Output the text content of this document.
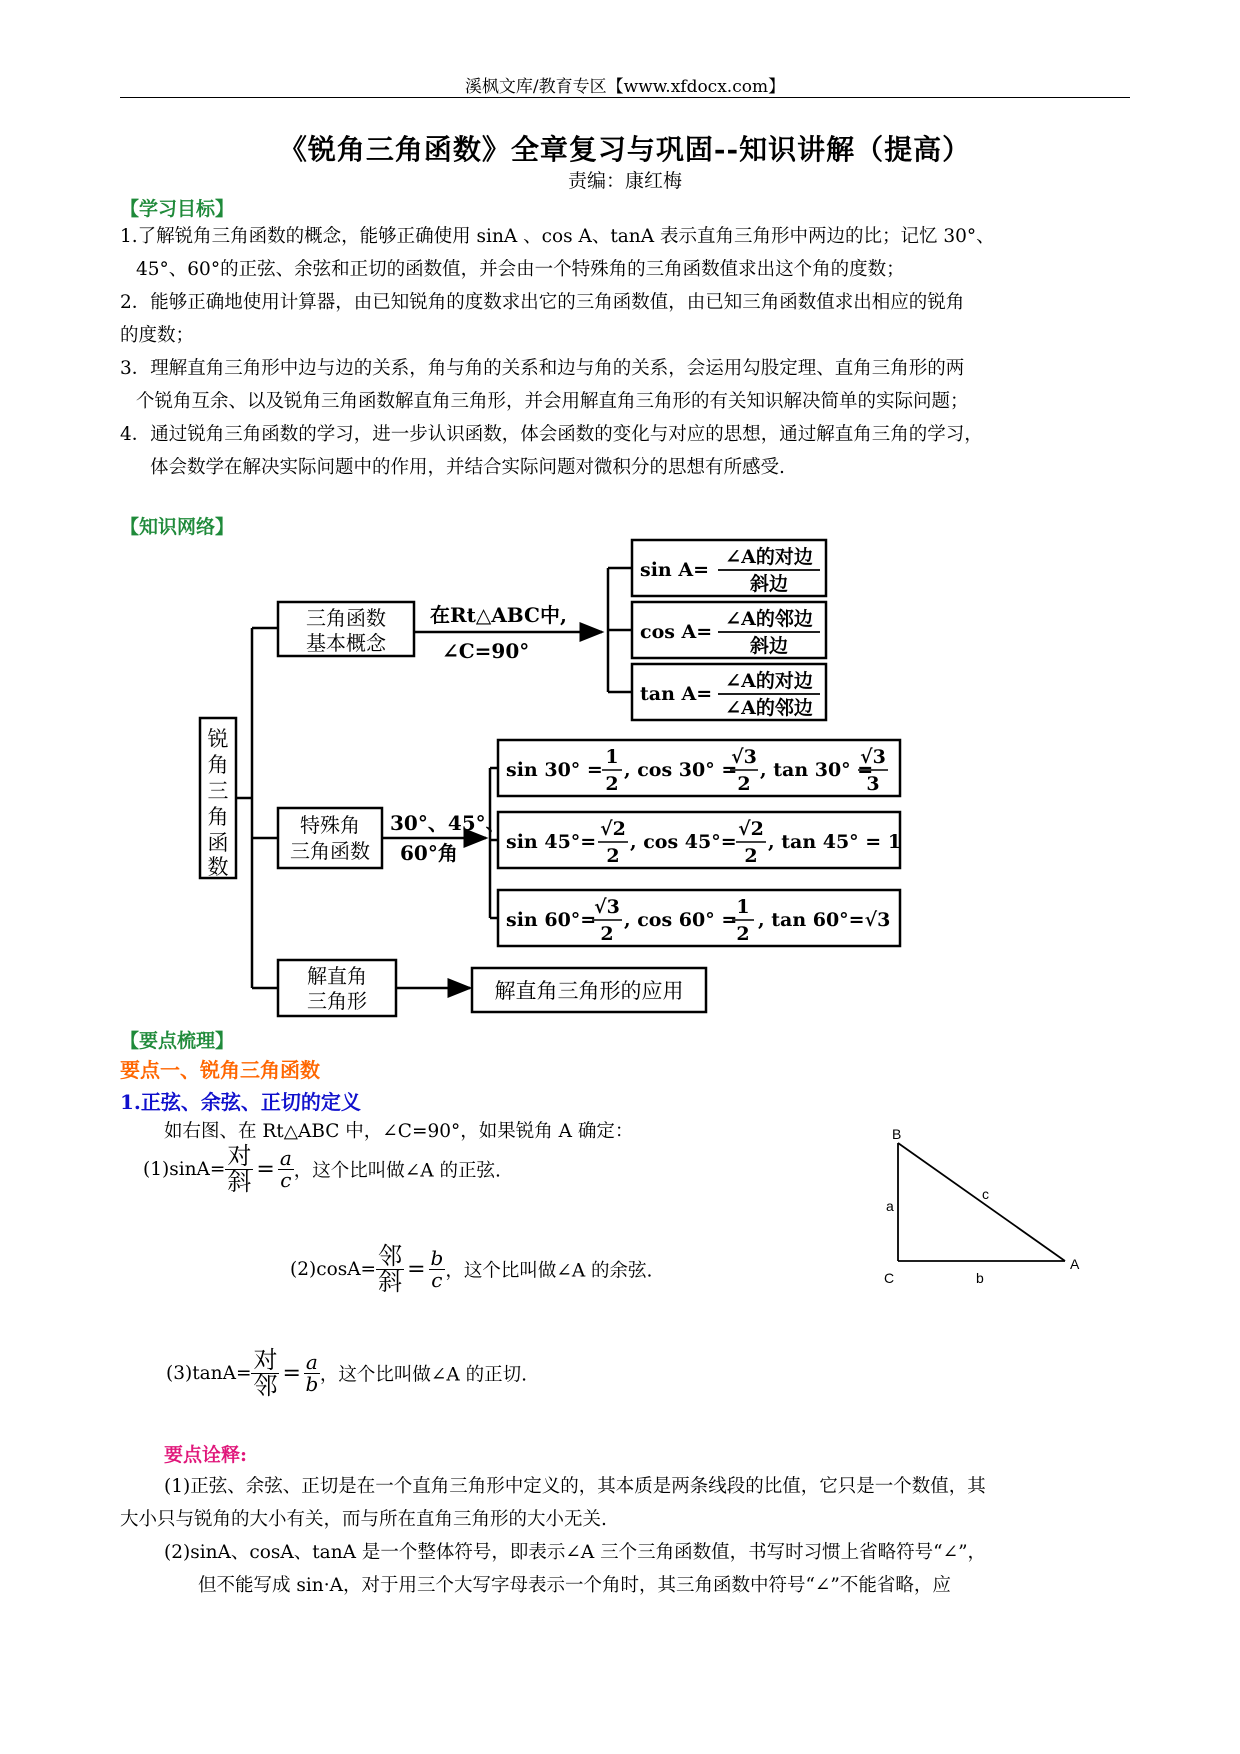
溪枫文库/教育专区【www.xfdocx.com】
《锐角三角函数》全章复习与巩固--知识讲解（提高）
责编：康红梅
【学习目标】
1.了解锐角三角函数的概念，能够正确使用 sinA 、cos A、tanA 表示直角三角形中两边的比；记忆 30°、
45°、60°的正弦、余弦和正切的函数值，并会由一个特殊角的三角函数值求出这个角的度数；
2．能够正确地使用计算器，由已知锐角的度数求出它的三角函数值，由已知三角函数值求出相应的锐角
的度数；
3．理解直角三角形中边与边的关系，角与角的关系和边与角的关系，会运用勾股定理、直角三角形的两
个锐角互余、以及锐角三角函数解直角三角形，并会用解直角三角形的有关知识解决简单的实际问题；
4．通过锐角三角函数的学习，进一步认识函数，体会函数的变化与对应的思想，通过解直角三角的学习，
体会数学在解决实际问题中的作用，并结合实际问题对微积分的思想有所感受.
【知识网络】
锐
角
三
角
函
数
三角函数
基本概念
特殊角
三角函数
解直角
三角形	解直角三角形的应用
在Rt△ABC中,
∠C=90°
30°、45°、
60°角
sin A=
∠A的对边
斜边
cos A=
∠A的邻边
斜边
tan A=
∠A的对边
∠A的邻边
sin 30° =
1
2
, cos 30° =
√3
2
, tan 30° =
√3
3
sin 45°=
√2
2
, cos 45°=
√2
2
, tan 45° = 1
sin 60°=
√3
2
, cos 60° =
1
2
, tan 60°=√3
【要点梳理】
要点一、锐角三角函数
1.正弦、余弦、正切的定义
如右图、在 Rt△ABC 中，∠C=90°，如果锐角 A 确定：
$(1)\sin A= \frac{\text{对}}{\text{斜}} = \frac{a}{c}$ ，这个比叫做∠A 的正弦.
$(2)\cos A= \frac{\text{邻}}{\text{斜}} = \frac{b}{c}$ ，这个比叫做∠A 的余弦.
$(3)\tan A= \frac{\text{对}}{\text{邻}} = \frac{a}{b}$ ，这个比叫做∠A 的正切.
B
C
A
a
b
c
要点诠释:
(1)正弦、余弦、正切是在一个直角三角形中定义的，其本质是两条线段的比值，它只是一个数值，其
大小只与锐角的大小有关，而与所在直角三角形的大小无关.
(2)sinA、cosA、tanA 是一个整体符号，即表示∠A 三个三角函数值，书写时习惯上省略符号“∠”，
但不能写成 sin·A，对于用三个大写字母表示一个角时，其三角函数中符号“∠”不能省略，应
